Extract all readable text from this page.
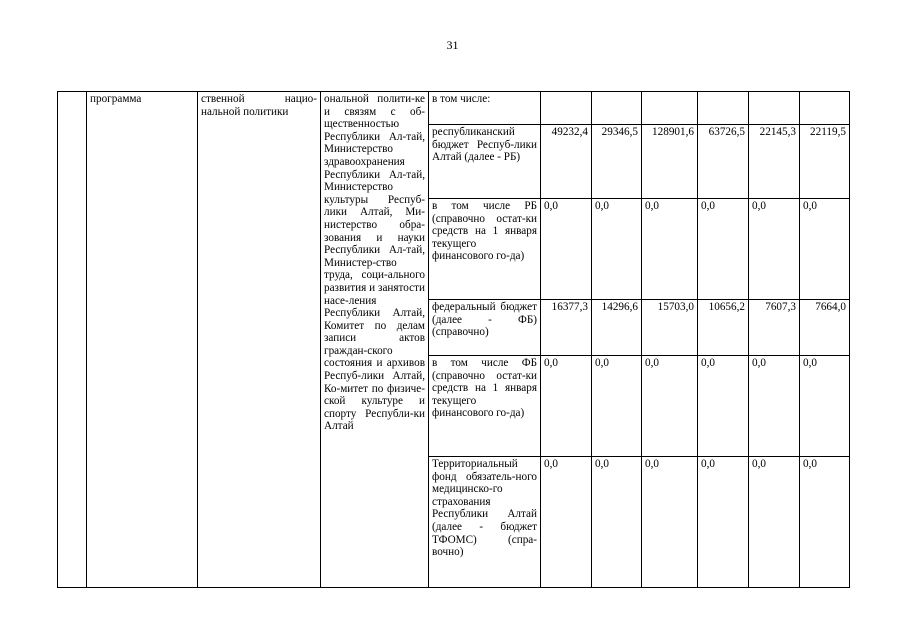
31
	программа	ственной нацио-нальной политики	ональной полити-ке и связям с об-щественностью Республики Ал-тай, Министерство здравоохранения Республики Ал-тай, Министерство культуры Респуб-лики Алтай, Ми-нистерство обра-зования и науки Республики Ал-тай, Министер-ство труда, соци-ального развития и занятости насе-ления Республики Алтай, Комитет по делам записи актов граждан-ского состояния и архивов Респуб-лики Алтай, Ко-митет по физиче-ской культуре и спорту Республи-ки Алтай	в том числе:						

				республиканский бюджет Респуб-лики Алтай (далее - РБ)	49232,4	29346,5	128901,6	63726,5	22145,3	22119,5

				в том числе РБ (справочно остат-ки средств на 1 января текущего финансового го-да)	0,0	0,0	0,0	0,0	0,0	0,0

				федеральный бюджет (далее - ФБ) (справочно)	16377,3	14296,6	15703,0	10656,2	7607,3	7664,0

				в том числе ФБ (справочно остат-ки средств на 1 января текущего финансового го-да)	0,0	0,0	0,0	0,0	0,0	0,0

				Территориальный фонд обязатель-ного медицинско-го страхования Республики Алтай (далее - бюджет ТФОМС) (спра-вочно)	0,0	0,0	0,0	0,0	0,0	0,0
